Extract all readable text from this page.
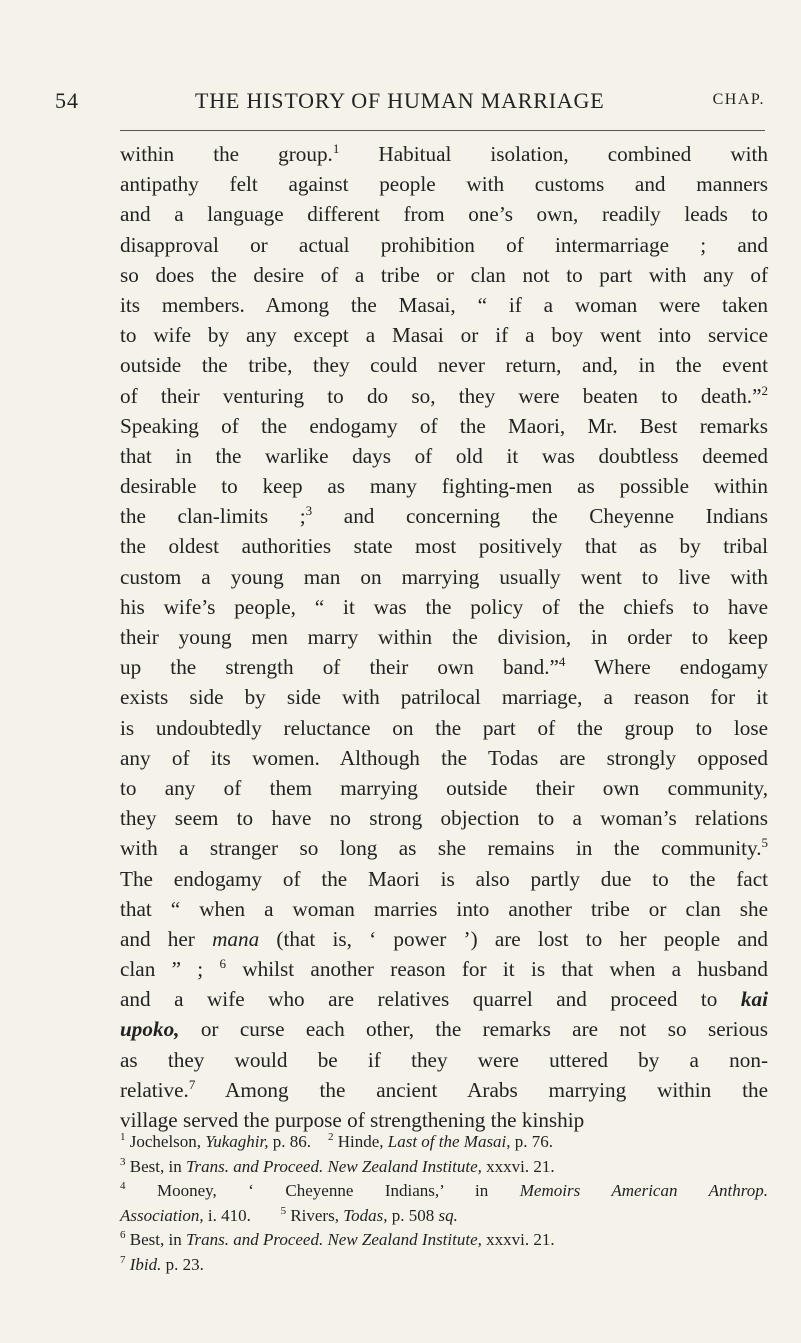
54	THE HISTORY OF HUMAN MARRIAGE	CHAP.
within the group.$^1$ Habitual isolation, combined with
antipathy felt against people with customs and manners
and a language different from one’s own, readily leads to
disapproval or actual prohibition of intermarriage ; and
so does the desire of a tribe or clan not to part with any of
its members. Among the Masai, “ if a woman were taken
to wife by any except a Masai or if a boy went into service
outside the tribe, they could never return, and, in the event
of their venturing to do so, they were beaten to death.”$^2$
Speaking of the endogamy of the Maori, Mr. Best remarks
that in the warlike days of old it was doubtless deemed
desirable to keep as many fighting-men as possible within
the clan-limits ;$^3$ and concerning the Cheyenne Indians
the oldest authorities state most positively that as by tribal
custom a young man on marrying usually went to live with
his wife’s people, “ it was the policy of the chiefs to have
their young men marry within the division, in order to keep
up the strength of their own band.”$^4$ Where endogamy
exists side by side with patrilocal marriage, a reason for it
is undoubtedly reluctance on the part of the group to lose
any of its women. Although the Todas are strongly opposed
to any of them marrying outside their own community,
they seem to have no strong objection to a woman’s relations
with a stranger so long as she remains in the community.$^5$
The endogamy of the Maori is also partly due to the fact
that “ when a woman marries into another tribe or clan she
and her mana (that is, ‘ power ’) are lost to her people and
clan ” ; $^6$ whilst another reason for it is that when a husband
and a wife who are relatives quarrel and proceed to kai
upoko, or curse each other, the remarks are not so serious
as they would be if they were uttered by a non-
relative.$^7$ Among the ancient Arabs marrying within the
village served the purpose of strengthening the kinship
$^1$ Jochelson, Yukaghir, p. 86. $^2$ Hinde, Last of the Masai, p. 76.
$^3$ Best, in Trans. and Proceed. New Zealand Institute, xxxvi. 21.
$^4$ Mooney, ‘ Cheyenne Indians,’ in Memoirs American Anthrop.
Association, i. 410.	$^5$ Rivers, Todas, p. 508 sq.
$^6$ Best, in Trans. and Proceed. New Zealand Institute, xxxvi. 21.
$^7$ Ibid. p. 23.
